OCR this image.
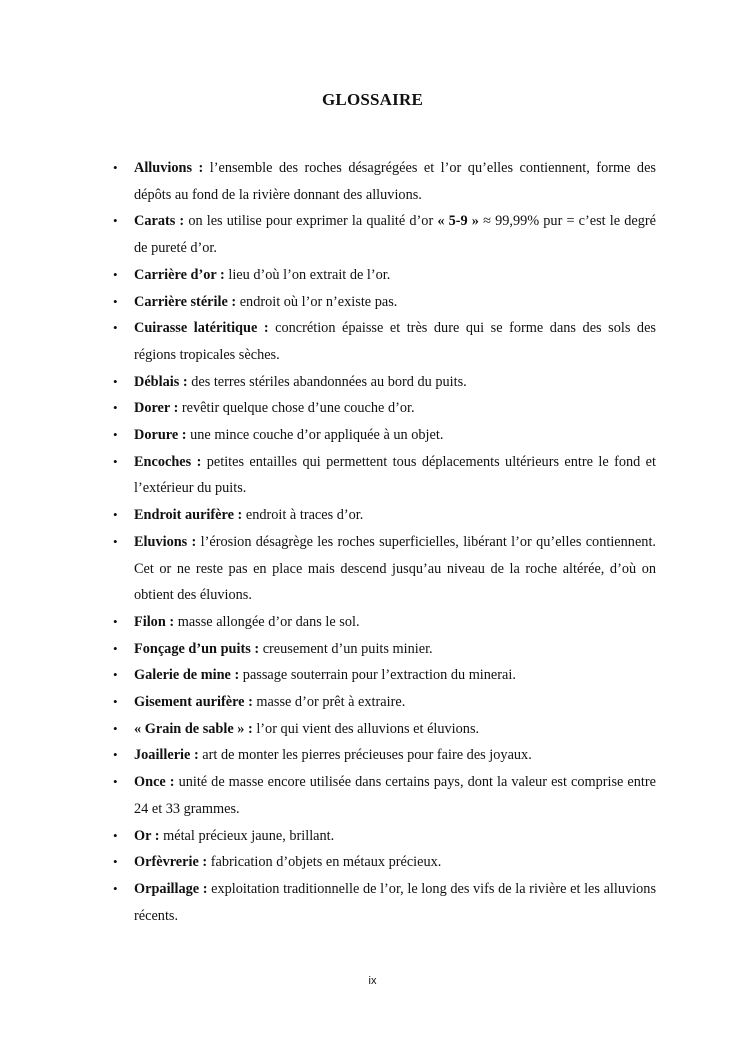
GLOSSAIRE
• Alluvions : l’ensemble des roches désagrégées et l’or qu’elles contiennent, forme des dépôts au fond de la rivière donnant des alluvions.
• Carats : on les utilise pour exprimer la qualité d’or « 5-9 » ≈ 99,99% pur = c’est le degré de pureté d’or.
• Carrière d’or : lieu d’où l’on extrait de l’or.
• Carrière stérile : endroit où l’or n’existe pas.
• Cuirasse latéritique : concrétion épaisse et très dure qui se forme dans des sols des régions tropicales sèches.
• Déblais : des terres stériles abandonnées au bord du puits.
• Dorer : revêtir quelque chose d’une couche d’or.
• Dorure : une mince couche d’or appliquée à un objet.
• Encoches : petites entailles qui permettent tous déplacements ultérieurs entre le fond et l’extérieur du puits.
• Endroit aurifère : endroit à traces d’or.
• Eluvions : l’érosion désagrège les roches superficielles, libérant l’or qu’elles contiennent. Cet or ne reste pas en place mais descend jusqu’au niveau de la roche altérée, d’où on obtient des éluvions.
• Filon : masse allongée d’or dans le sol.
• Fonçage d’un puits : creusement d’un puits minier.
• Galerie de mine : passage souterrain pour l’extraction du minerai.
• Gisement aurifère : masse d’or prêt à extraire.
• « Grain de sable » : l’or qui vient des alluvions et éluvions.
• Joaillerie : art de monter les pierres précieuses pour faire des joyaux.
• Once : unité de masse encore utilisée dans certains pays, dont la valeur est comprise entre 24 et 33 grammes.
• Or : métal précieux jaune, brillant.
• Orfèvrerie : fabrication d’objets en métaux précieux.
• Orpaillage : exploitation traditionnelle de l’or, le long des vifs de la rivière et les alluvions récents.
ix
